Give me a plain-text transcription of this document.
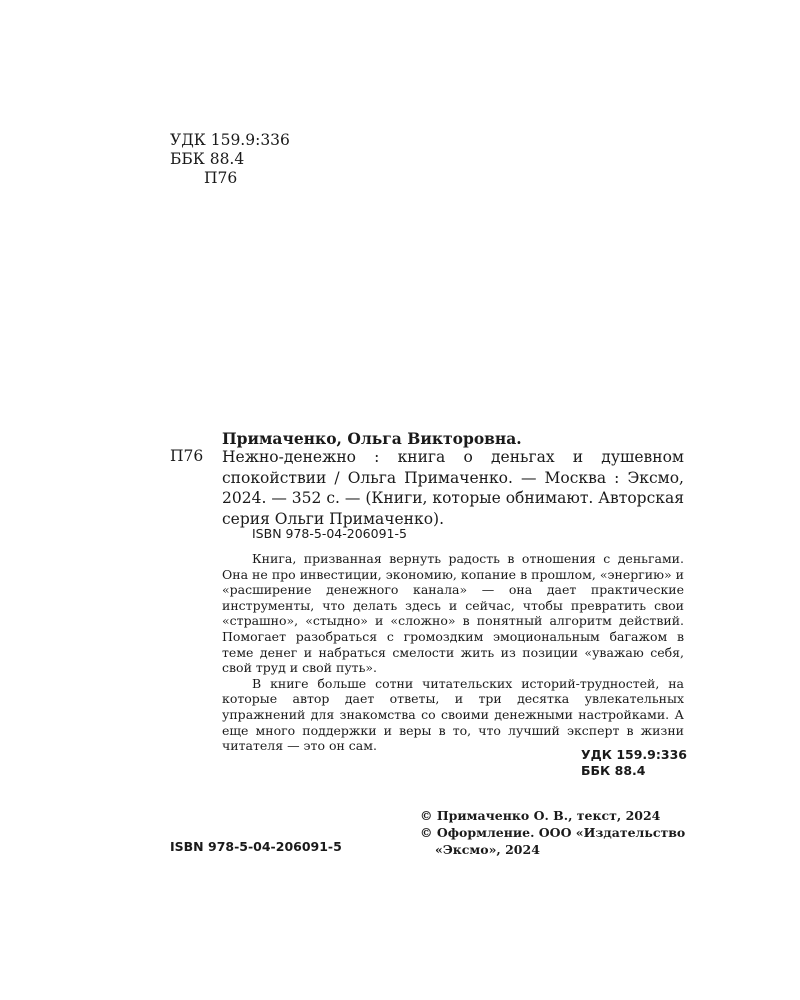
УДК 159.9:336
ББК 88.4
П76
Примаченко, Ольга Викторовна.
П76 Нежно-денежно : книга о деньгах и душевном спокойствии / Ольга Примаченко. — Москва : Эксмо, 2024. — 352 с. — (Книги, которые обнимают. Авторская серия Ольги Примаченко).
ISBN 978-5-04-206091-5

Книга, призванная вернуть радость в отношения с деньгами. Она не про инвестиции, экономию, копание в прошлом, «энергию» и «расширение денежного канала» — она дает практические инструменты, что делать здесь и сейчас, чтобы превратить свои «страшно», «стыдно» и «сложно» в понятный алгоритм действий. Помогает разобраться с громоздким эмоциональным багажом в теме денег и набраться смелости жить из позиции «уважаю себя, свой труд и свой путь».

В книге больше сотни читательских историй-трудностей, на которые автор дает ответы, и три десятка увлекательных упражнений для знакомства со своими денежными настройками. А еще много поддержки и веры в то, что лучший эксперт в жизни читателя — это он сам.

УДК 159.9:336
ББК 88.4
© Примаченко О. В., текст, 2024
© Оформление. ООО «Издательство
«Эксмо», 2024
ISBN 978-5-04-206091-5
